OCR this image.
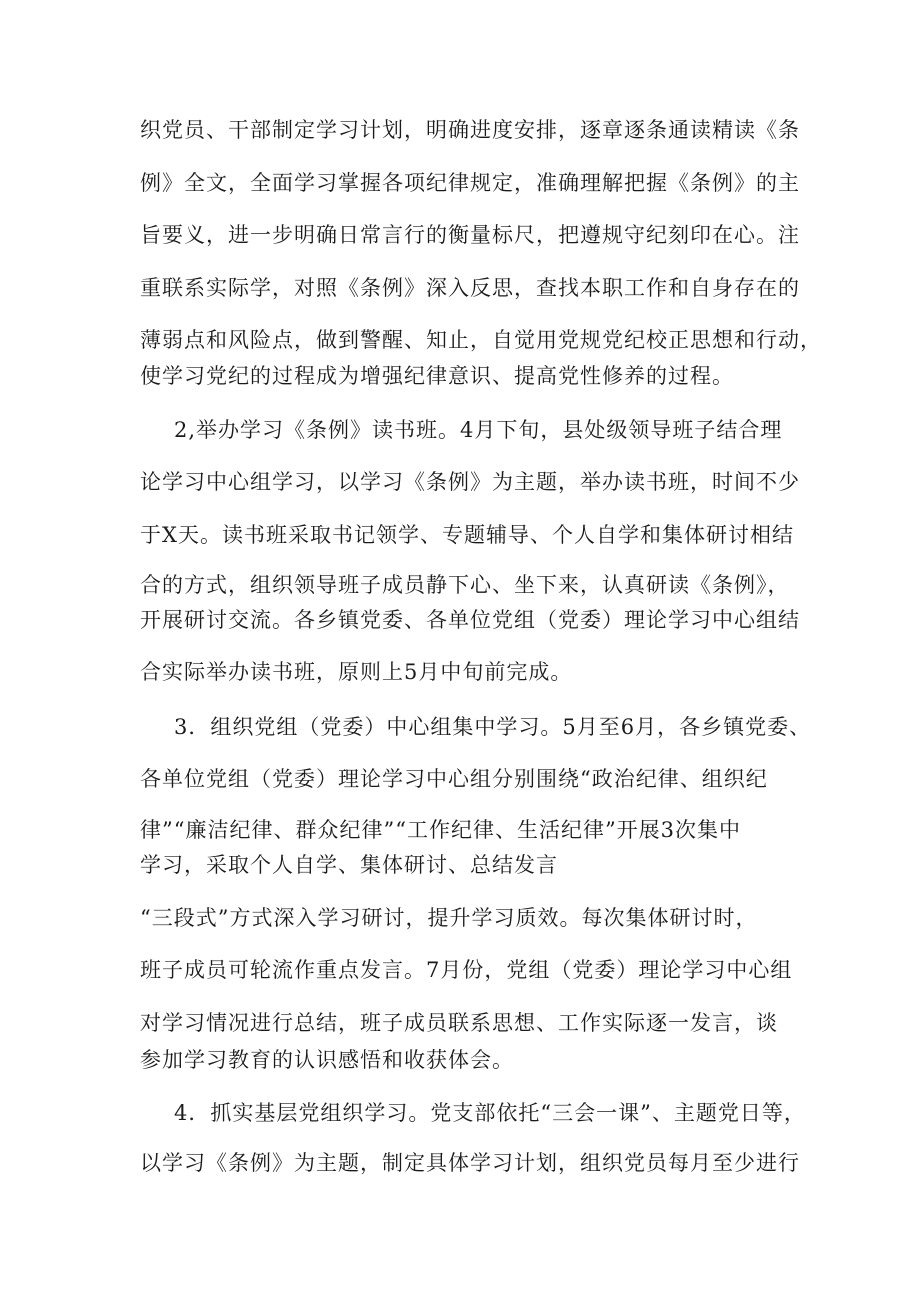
织党员、干部制定学习计划，明确进度安排，逐章逐条通读精读《条
例》全文，全面学习掌握各项纪律规定，准确理解把握《条例》的主
旨要义，进一步明确日常言行的衡量标尺，把遵规守纪刻印在心。注
重联系实际学，对照《条例》深入反思，查找本职工作和自身存在的
薄弱点和风险点，做到警醒、知止，自觉用党规党纪校正思想和行动，
使学习党纪的过程成为增强纪律意识、提高党性修养的过程。
2,举办学习《条例》读书班。4月下旬，县处级领导班子结合理
论学习中心组学习，以学习《条例》为主题，举办读书班，时间不少
于X天。读书班采取书记领学、专题辅导、个人自学和集体研讨相结
合的方式，组织领导班子成员静下心、坐下来，认真研读《条例》，
开展研讨交流。各乡镇党委、各单位党组（党委）理论学习中心组结
合实际举办读书班，原则上5月中旬前完成。
3．组织党组（党委）中心组集中学习。5月至6月，各乡镇党委、
各单位党组（党委）理论学习中心组分别围绕“政治纪律、组织纪
律”“廉洁纪律、群众纪律”“工作纪律、生活纪律”开展3次集中
学习，采取个人自学、集体研讨、总结发言
“三段式”方式深入学习研讨，提升学习质效。每次集体研讨时，
班子成员可轮流作重点发言。7月份，党组（党委）理论学习中心组
对学习情况进行总结，班子成员联系思想、工作实际逐一发言，谈
参加学习教育的认识感悟和收获体会。
4．抓实基层党组织学习。党支部依托“三会一课”、主题党日等，
以学习《条例》为主题，制定具体学习计划，组织党员每月至少进行
